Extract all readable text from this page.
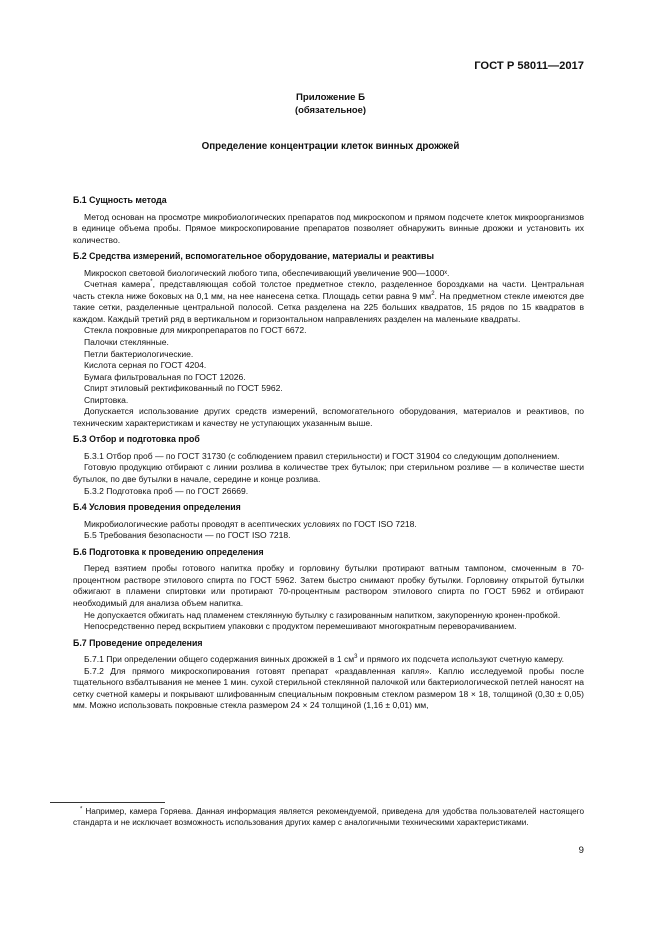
ГОСТ Р 58011—2017
Приложение Б
(обязательное)
Определение концентрации клеток винных дрожжей
Б.1 Сущность метода

Метод основан на просмотре микробиологических препаратов под микроскопом и прямом подсчете клеток микроорганизмов в единице объема пробы. Прямое микроскопирование препаратов позволяет обнаружить винные дрожжи и установить их количество.

Б.2 Средства измерений, вспомогательное оборудование, материалы и реактивы

Микроскоп световой биологический любого типа, обеспечивающий увеличение 900—1000ˣ.

Счетная камера*, представляющая собой толстое предметное стекло, разделенное бороздками на части. Центральная часть стекла ниже боковых на 0,1 мм, на нее нанесена сетка. Площадь сетки равна 9 $мм^2$. На предметном стекле имеются две такие сетки, разделенные центральной полосой. Сетка разделена на 225 больших квадратов, 15 рядов по 15 квадратов в каждом. Каждый третий ряд в вертикальном и горизонтальном направлениях разделен на маленькие квадраты.

Стекла покровные для микропрепаратов по ГОСТ 6672.

Палочки стеклянные.

Петли бактериологические.

Кислота серная по ГОСТ 4204.

Бумага фильтровальная по ГОСТ 12026.

Спирт этиловый ректификованный по ГОСТ 5962.

Спиртовка.

Допускается использование других средств измерений, вспомогательного оборудования, материалов и реактивов, по техническим характеристикам и качеству не уступающих указанным выше.

Б.3 Отбор и подготовка проб

Б.3.1 Отбор проб — по ГОСТ 31730 (с соблюдением правил стерильности) и ГОСТ 31904 со следующим дополнением.

Готовую продукцию отбирают с линии розлива в количестве трех бутылок; при стерильном розливе — в количестве шести бутылок, по две бутылки в начале, середине и конце розлива.

Б.3.2 Подготовка проб — по ГОСТ 26669.

Б.4 Условия проведения определения

Микробиологические работы проводят в асептических условиях по ГОСТ ISO 7218.

Б.5 Требования безопасности — по ГОСТ ISO 7218.

Б.6 Подготовка к проведению определения

Перед взятием пробы готового напитка пробку и горловину бутылки протирают ватным тампоном, смоченным в 70-процентном растворе этилового спирта по ГОСТ 5962. Затем быстро снимают пробку бутылки. Горловину открытой бутылки обжигают в пламени спиртовки или протирают 70-процентным раствором этилового спирта по ГОСТ 5962 и отбирают необходимый для анализа объем напитка.

Не допускается обжигать над пламенем стеклянную бутылку с газированным напитком, закупоренную кронен-пробкой.

Непосредственно перед вскрытием упаковки с продуктом перемешивают многократным переворачиванием.

Б.7 Проведение определения

Б.7.1 При определении общего содержания винных дрожжей в 1 $см^3$ и прямого их подсчета используют счетную камеру.

Б.7.2 Для прямого микроскопирования готовят препарат «раздавленная капля». Каплю исследуемой пробы после тщательного взбалтывания не менее 1 мин. сухой стерильной стеклянной палочкой или бактериологической петлей наносят на сетку счетной камеры и покрывают шлифованным специальным покровным стеклом размером 18 × 18, толщиной (0,30 ± 0,05) мм. Можно использовать покровные стекла размером 24 × 24 толщиной (1,16 ± 0,01) мм,

* Например, камера Горяева. Данная информация является рекомендуемой, приведена для удобства пользователей настоящего стандарта и не исключает возможность использования других камер с аналогичными техническими характеристиками.
9
